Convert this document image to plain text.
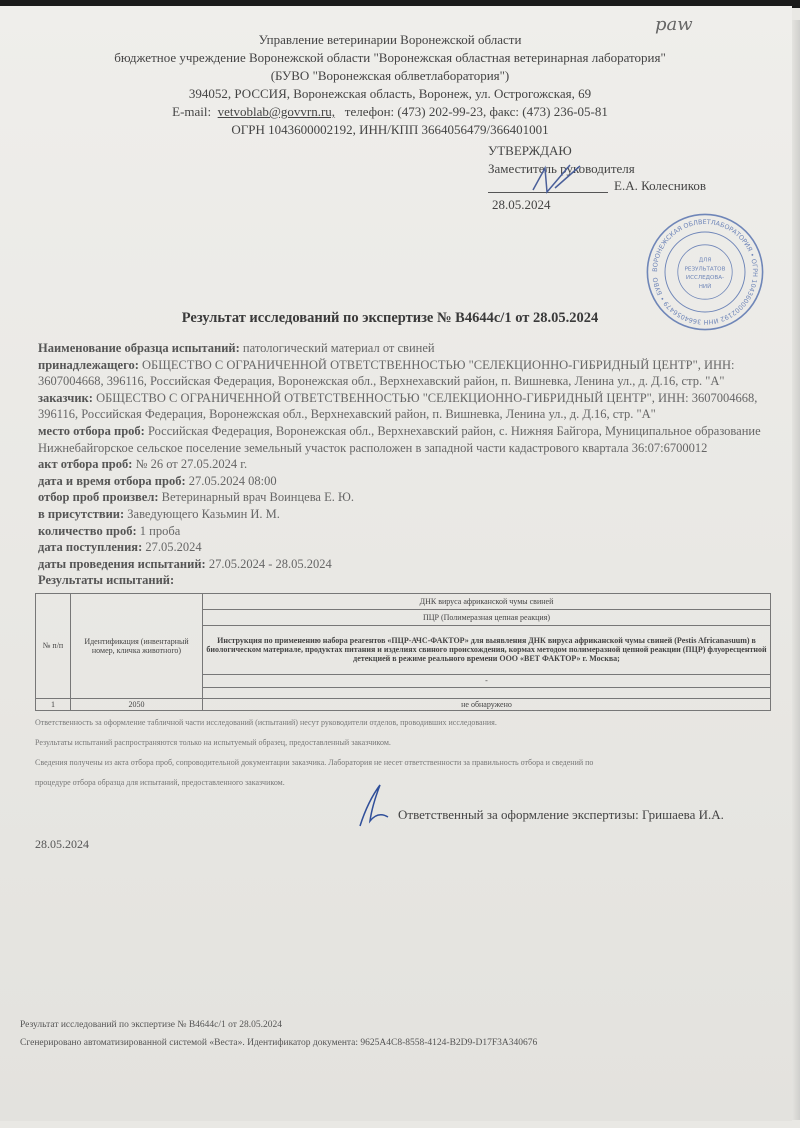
рaw
Управление ветеринарии Воронежской области
бюджетное учреждение Воронежской области "Воронежская областная ветеринарная лаборатория"
(БУВО "Воронежская облветлаборатория")
394052, РОССИЯ, Воронежская область, Воронеж, ул. Острогожская, 69
E-mail: vetvoblab@govvrn.ru, телефон: (473) 202-99-23, факс: (473) 236-05-81
ОГРН 1043600002192, ИНН/КПП 3664056479/366401001
УТВЕРЖДАЮ
Заместитель руководителя
Е.А. Колесников
28.05.2024
ВОРОНЕЖСКАЯ ОБЛВЕТЛАБОРАТОРИЯ • ОГРН 1043600002192 ИНН 3664056479 • БУВО
ДЛЯ
РЕЗУЛЬТАТОВ
ИССЛЕДОВА-
НИЙ
Результат исследований по экспертизе № В4644с/1 от 28.05.2024
Наименование образца испытаний: патологический материал от свиней
принадлежащего: ОБЩЕСТВО С ОГРАНИЧЕННОЙ ОТВЕТСТВЕННОСТЬЮ "СЕЛЕКЦИОННО-ГИБРИДНЫЙ ЦЕНТР", ИНН: 3607004668, 396116, Российская Федерация, Воронежская обл., Верхнехавский район, п. Вишневка, Ленина ул., д. Д.16, стр. "А"
заказчик: ОБЩЕСТВО С ОГРАНИЧЕННОЙ ОТВЕТСТВЕННОСТЬЮ "СЕЛЕКЦИОННО-ГИБРИДНЫЙ ЦЕНТР", ИНН: 3607004668, 396116, Российская Федерация, Воронежская обл., Верхнехавский район, п. Вишневка, Ленина ул., д. Д.16, стр. "А"
место отбора проб: Российская Федерация, Воронежская обл., Верхнехавский район, с. Нижняя Байгора, Муниципальное образование Нижнебайгорское сельское поселение земельный участок расположен в западной части кадастрового квартала 36:07:6700012
акт отбора проб: № 26 от 27.05.2024 г.
дата и время отбора проб: 27.05.2024 08:00
отбор проб произвел: Ветеринарный врач Воинцева Е. Ю.
в присутствии: Заведующего Казьмин И. М.
количество проб: 1 проба
дата поступления: 27.05.2024
даты проведения испытаний: 27.05.2024 - 28.05.2024
Результаты испытаний:
№ п/п	Идентификация (инвентарный номер, кличка животного)	ДНК вируса африканской чумы свиней
		ПЦР (Полимеразная цепная реакция)
		Инструкция по применению набора реагентов «ПЦР-АЧС-ФАКТОР» для выявления ДНК вируса африканской чумы свиней (Pestis Africanasuum) в биологическом материале, продуктах питания и изделиях свиного происхождения, кормах методом полимеразной цепной реакции (ПЦР) флуоресцентной детекцией в режиме реального времени ООО «ВЕТ ФАКТОР» г. Москва;
		-

1	2050	не обнаружено
Ответственность за оформление табличной части исследований (испытаний) несут руководители отделов, проводивших исследования.
Результаты испытаний распространяются только на испытуемый образец, предоставленный заказчиком.
Сведения получены из акта отбора проб, сопроводительной документации заказчика. Лаборатория не несет ответственности за правильность отбора и сведений по
процедуре отбора образца для испытаний, предоставленного заказчиком.
Ответственный за оформление экспертизы: Гришаева И.А.
28.05.2024
Результат исследований по экспертизе № В4644с/1 от 28.05.2024
Сгенерировано автоматизированной системой «Веста». Идентификатор документа: 9625A4C8-8558-4124-B2D9-D17F3A340676
